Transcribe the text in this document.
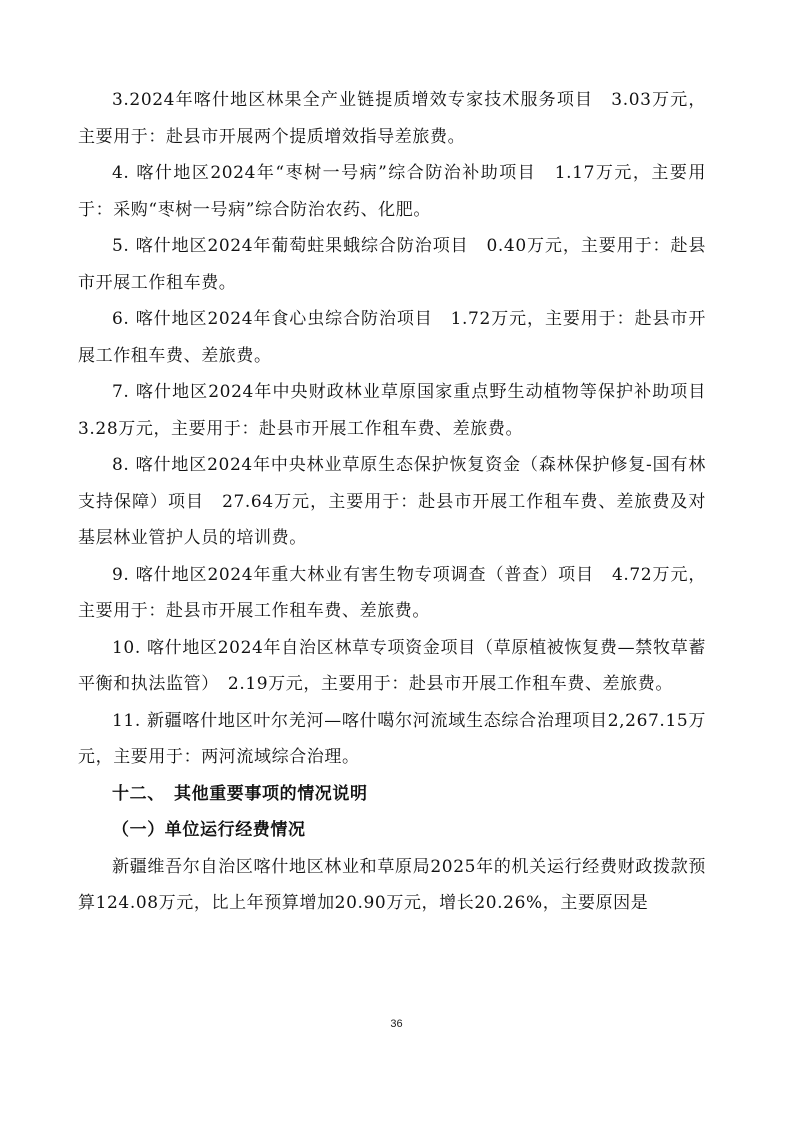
3.2024年喀什地区林果全产业链提质增效专家技术服务项目　3.03万元，主要用于：赴县市开展两个提质增效指导差旅费。

4. 喀什地区2024年“枣树一号病”综合防治补助项目　1.17万元，主要用于：采购“枣树一号病”综合防治农药、化肥。

5. 喀什地区2024年葡萄蛀果蛾综合防治项目　0.40万元，主要用于：赴县市开展工作租车费。

6. 喀什地区2024年食心虫综合防治项目　1.72万元，主要用于：赴县市开展工作租车费、差旅费。

7. 喀什地区2024年中央财政林业草原国家重点野生动植物等保护补助项目　3.28万元，主要用于：赴县市开展工作租车费、差旅费。

8. 喀什地区2024年中央林业草原生态保护恢复资金（森林保护修复-国有林支持保障）项目　27.64万元，主要用于：赴县市开展工作租车费、差旅费及对基层林业管护人员的培训费。

9. 喀什地区2024年重大林业有害生物专项调查（普查）项目　4.72万元，主要用于：赴县市开展工作租车费、差旅费。

10. 喀什地区2024年自治区林草专项资金项目（草原植被恢复费—禁牧草蓄平衡和执法监管）　2.19万元，主要用于：赴县市开展工作租车费、差旅费。

11. 新疆喀什地区叶尔羌河—喀什噶尔河流域生态综合治理项目2,267.15万元，主要用于：两河流域综合治理。

十二、 其他重要事项的情况说明

（一）单位运行经费情况

新疆维吾尔自治区喀什地区林业和草原局2025年的机关运行经费财政拨款预算124.08万元，比上年预算增加20.90万元，增长20.26%，主要原因是

36
